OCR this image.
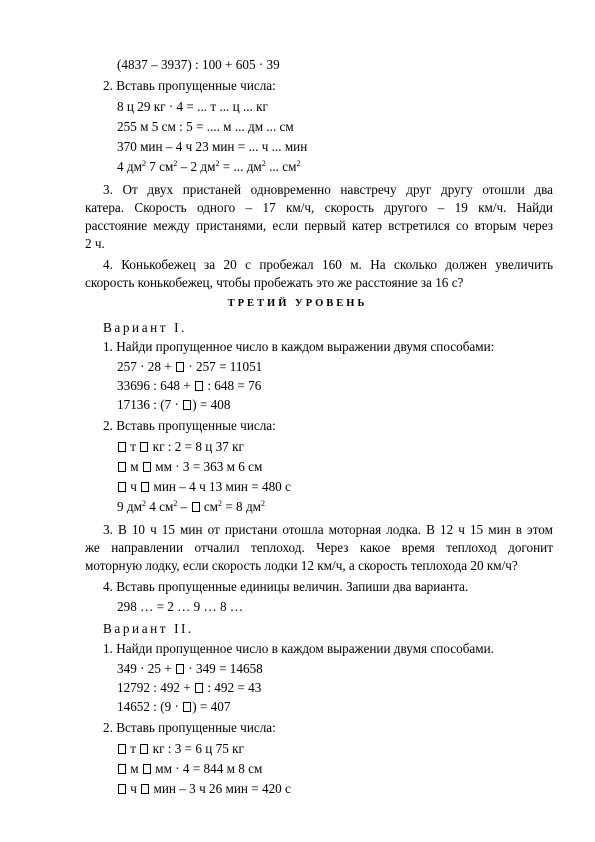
(4837 – 3937) : 100 + 605 · 39
2. Вставь пропущенные числа:
8 ц 29 кг · 4 = ... т ... ц ... кг
255 м 5 см : 5 = .... м ... дм ... см
370 мин – 4 ч 23 мин = ... ч ... мин
4 $дм^2$ 7 $см^2 - 2$ $дм^2$ = ... $дм^2$ ... $см^2$
3. От двух пристаней одновременно навстречу друг другу отошли два
катера. Скорость одного – 17 км/ч, скорость другого – 19 км/ч. Найди
расстояние между пристанями, если первый катер встретился со вторым через
2 ч.
4. Конькобежец за 20 с пробежал 160 м. На сколько должен увеличить
скорость конькобежец, чтобы пробежать это же расстояние за 16 с?
ТРЕТИЙ УРОВЕНЬ
Вариант I.
1. Найди пропущенное число в каждом выражении двумя способами:
257 · 28 +  · 257 = 11051
33696 : 648 +  : 648 = 76
17136 : (7 · ) = 408
2. Вставь пропущенные числа:
т  кг : 2 = 8 ц 37 кг
м  мм · 3 = 363 м 6 см
ч  мин – 4 ч 13 мин = 480 с
9 $дм^2$ 4 $см^2 - см^2 = 8$ $дм^2$
3. В 10 ч 15 мин от пристани отошла моторная лодка. В 12 ч 15 мин в этом
же направлении отчалил теплоход. Через какое время теплоход догонит
моторную лодку, если скорость лодки 12 км/ч, а скорость теплохода 20 км/ч?
4. Вставь пропущенные единицы величин. Запиши два варианта.
298 … = 2 … 9 … 8 …
Вариант II.
1. Найди пропущенное число в каждом выражении двумя способами.
349 · 25 +  · 349 = 14658
12792 : 492 +  : 492 = 43
14652 : (9 · ) = 407
2. Вставь пропущенные числа:
т  кг : 3 = 6 ц 75 кг
м  мм · 4 = 844 м 8 см
ч  мин – 3 ч 26 мин = 420 с
